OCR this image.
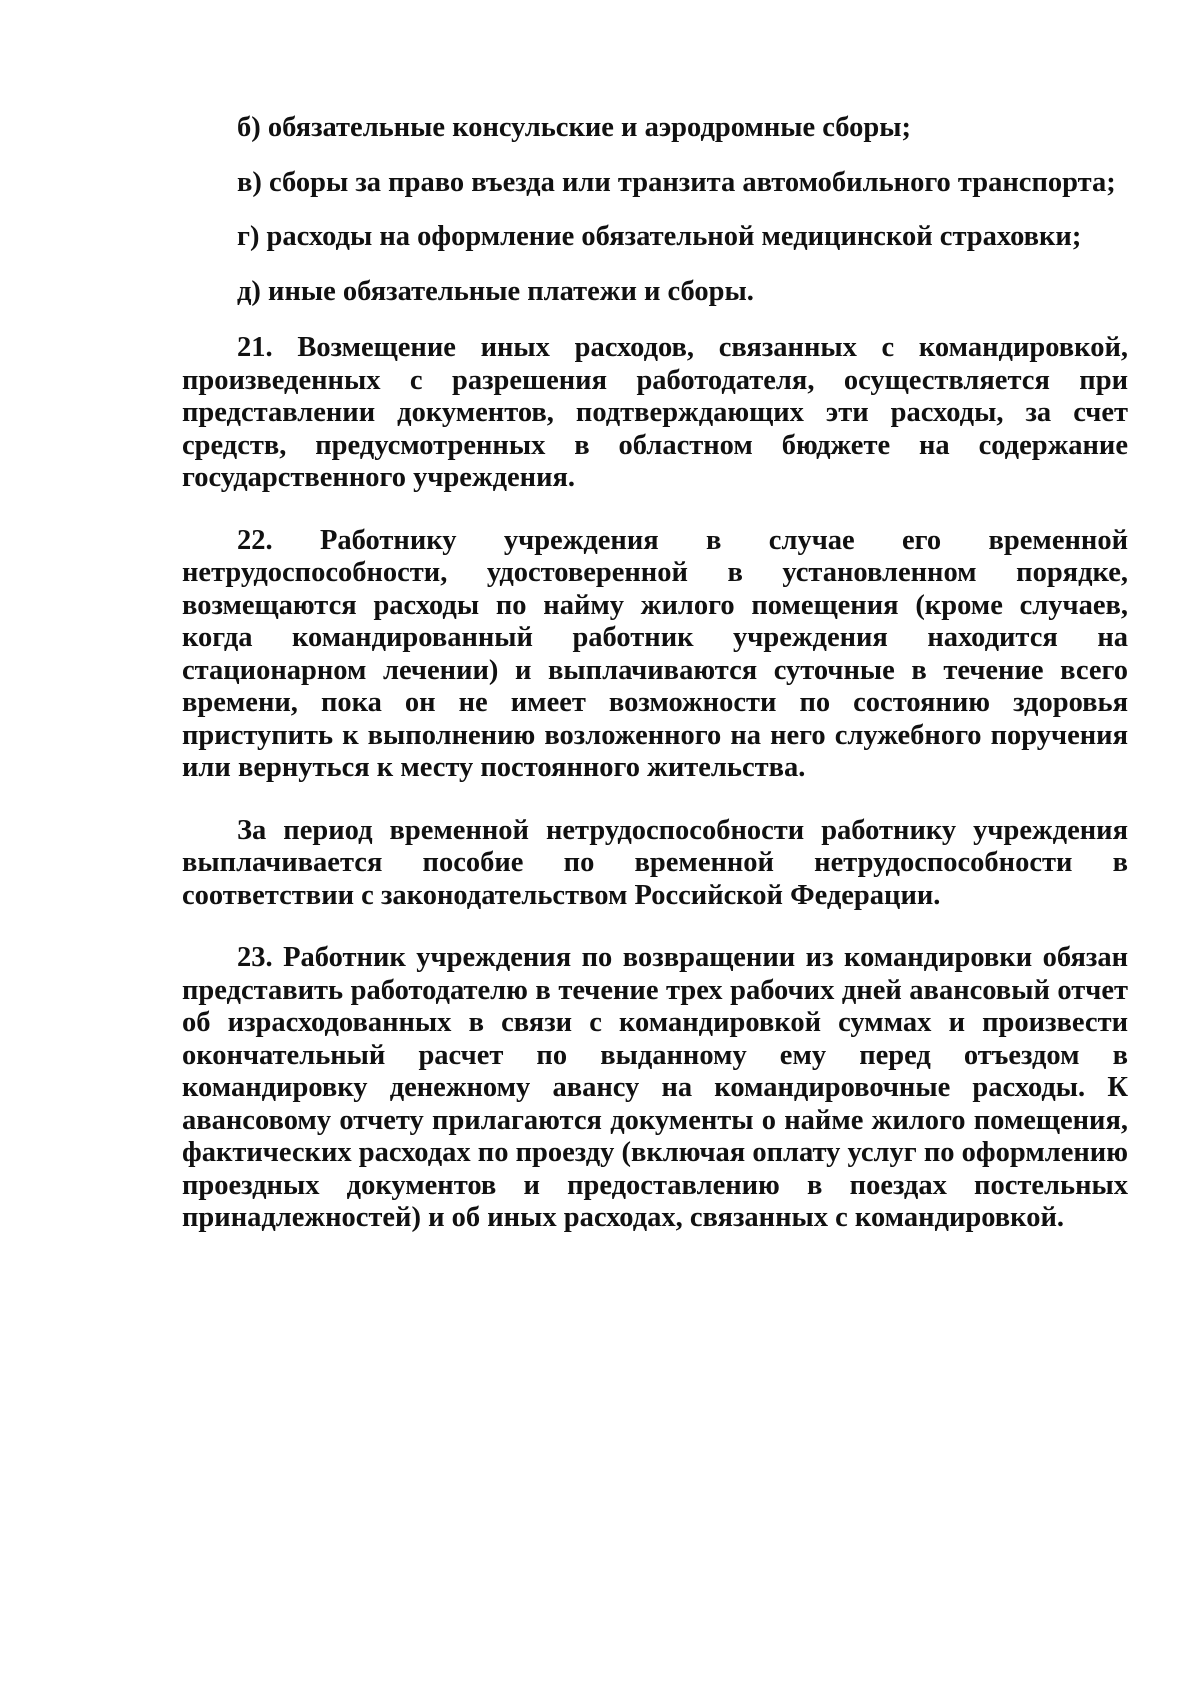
б) обязательные консульские и аэродромные сборы;

в) сборы за право въезда или транзита автомобильного транспорта;

г) расходы на оформление обязательной медицинской страховки;

д) иные обязательные платежи и сборы.

21. Возмещение иных расходов, связанных с командировкой, произведенных с разрешения работодателя, осуществляется при представлении документов, подтверждающих эти расходы, за счет средств, предусмотренных в областном бюджете на содержание государственного учреждения.

22. Работнику учреждения в случае его временной нетрудоспособности, удостоверенной в установленном порядке, возмещаются расходы по найму жилого помещения (кроме случаев, когда командированный работник учреждения находится на стационарном лечении) и выплачиваются суточные в течение всего времени, пока он не имеет возможности по состоянию здоровья приступить к выполнению возложенного на него служебного поручения или вернуться к месту постоянного жительства.

За период временной нетрудоспособности работнику учреждения выплачивается пособие по временной нетрудоспособности в соответствии с законодательством Российской Федерации.

23. Работник учреждения по возвращении из командировки обязан представить работодателю в течение трех рабочих дней авансовый отчет об израсходованных в связи с командировкой суммах и произвести окончательный расчет по выданному ему перед отъездом в командировку денежному авансу на командировочные расходы. К авансовому отчету прилагаются документы о найме жилого помещения, фактических расходах по проезду (включая оплату услуг по оформлению проездных документов и предоставлению в поездах постельных принадлежностей) и об иных расходах, связанных с командировкой.
